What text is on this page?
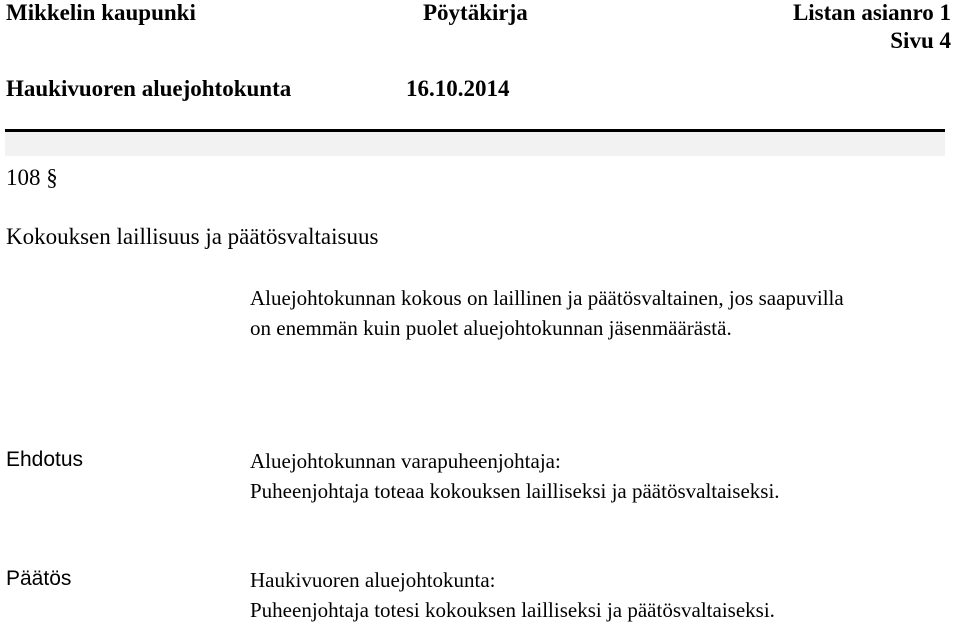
Mikkelin kaupunki	Pöytäkirja	Listan asianro 1
Sivu 4
Haukivuoren aluejohtokunta	16.10.2014
108 §
Kokouksen laillisuus ja päätösvaltaisuus
Aluejohtokunnan kokous on laillinen ja päätösvaltainen, jos saapuvilla
on enemmän kuin puolet aluejohtokunnan jäsenmäärästä.
Ehdotus	Aluejohtokunnan varapuheenjohtaja:
Puheenjohtaja toteaa kokouksen lailliseksi ja päätösvaltaiseksi.
Päätös	Haukivuoren aluejohtokunta:
Puheenjohtaja totesi kokouksen lailliseksi ja päätösvaltaiseksi.
